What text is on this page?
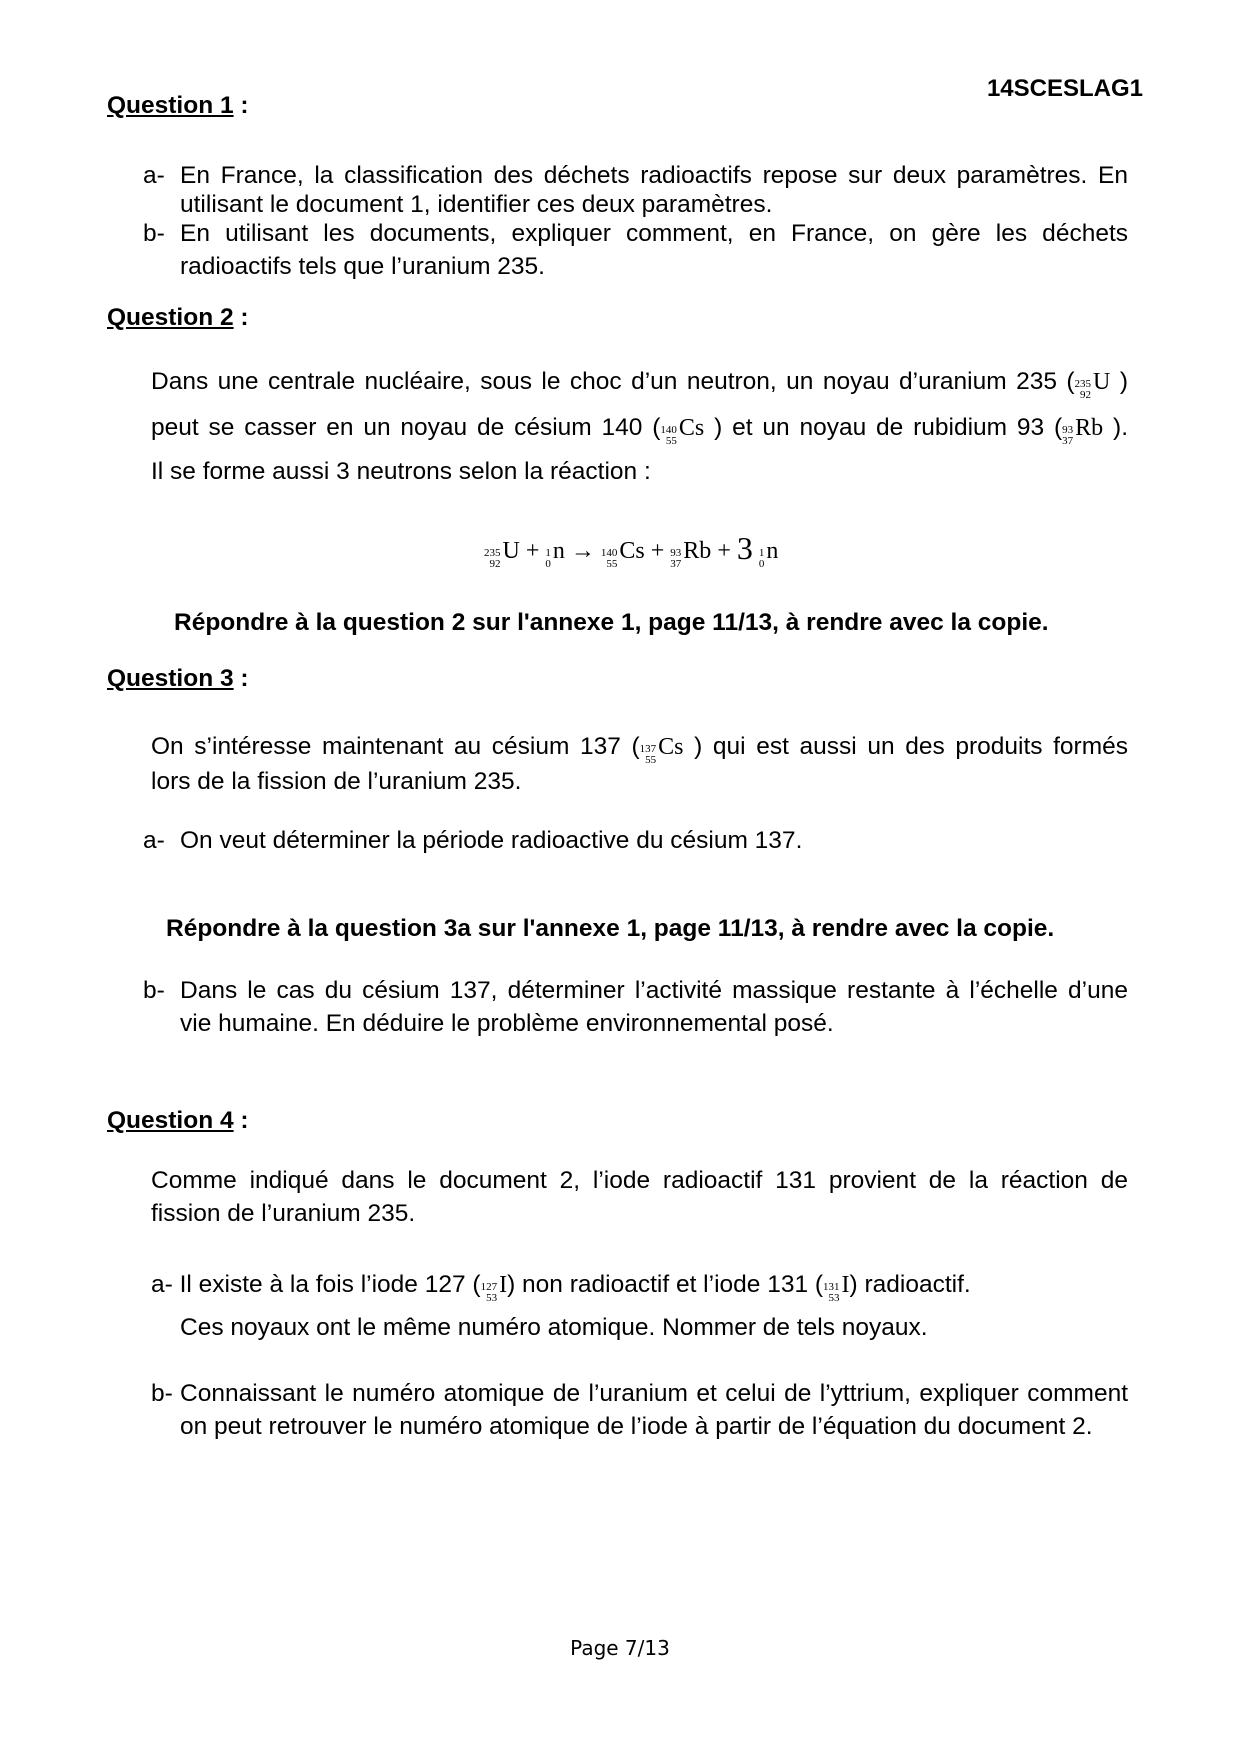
14SCESLAG1
Question 1 :
a- En France, la classification des déchets radioactifs repose sur deux paramètres. En
utilisant le document 1, identifier ces deux paramètres.
b- En utilisant les documents, expliquer comment, en France, on gère les déchets
radioactifs tels que l’uranium 235.
Question 2 :
Dans une centrale nucléaire, sous le choc d’un neutron, un noyau d’uranium 235 ( 235
92 U )
peut se casser en un noyau de césium 140 ( 140
55 Cs ) et un noyau de rubidium 93 ( 93
37 Rb ).
Il se forme aussi 3 neutrons selon la réaction :
235
92 U + 1
0 n → 140
55 Cs + 93
37 Rb + 3 1
0 n
Répondre à la question 2 sur l'annexe 1, page 11/13, à rendre avec la copie.
Question 3 :
On s’intéresse maintenant au césium 137 ( 137
55 Cs ) qui est aussi un des produits formés
lors de la fission de l’uranium 235.
a- On veut déterminer la période radioactive du césium 137.
Répondre à la question 3a sur l'annexe 1, page 11/13, à rendre avec la copie.
b- Dans le cas du césium 137, déterminer l’activité massique restante à l’échelle d’une
vie humaine. En déduire le problème environnemental posé.
Question 4 :
Comme indiqué dans le document 2, l’iode radioactif 131 provient de la réaction de
fission de l’uranium 235.
a- Il existe à la fois l’iode 127 ( 127
53 I) non radioactif et l’iode 131 ( 131
53 I) radioactif.
Ces noyaux ont le même numéro atomique. Nommer de tels noyaux.
b- Connaissant le numéro atomique de l’uranium et celui de l’yttrium, expliquer comment
on peut retrouver le numéro atomique de l’iode à partir de l’équation du document 2.
Page 7/13
